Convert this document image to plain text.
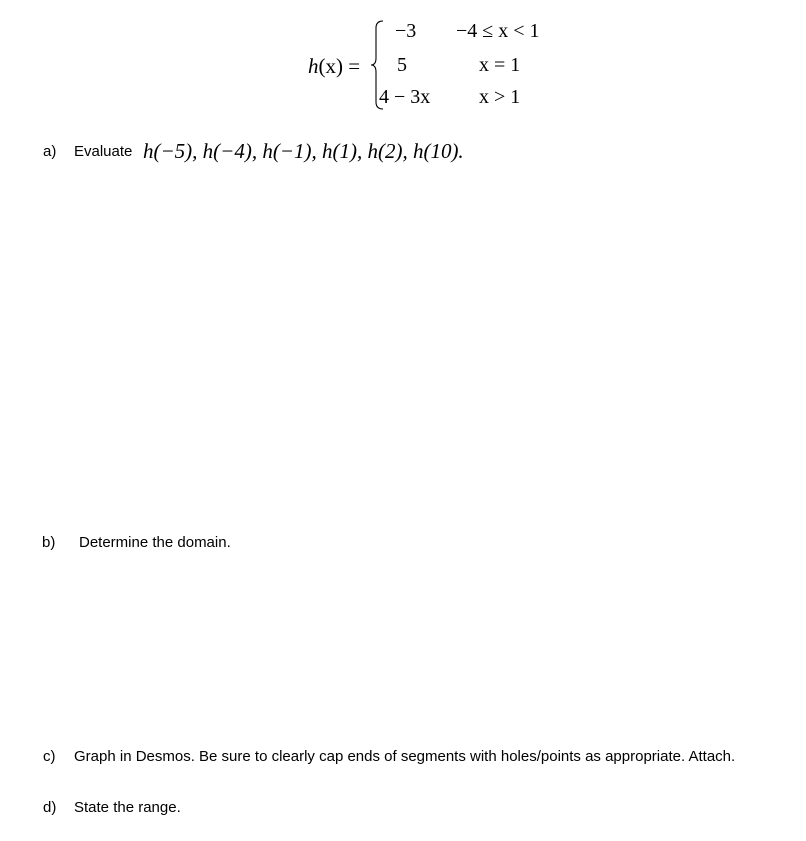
h(x) =
−3
5
4 − 3x
−4 ≤ x < 1
x = 1
x > 1
a) Evaluate h(−5), h(−4), h(−1), h(1), h(2), h(10).
b) Determine the domain.
c) Graph in Desmos. Be sure to clearly cap ends of segments with holes/points as appropriate. Attach.
d) State the range.
